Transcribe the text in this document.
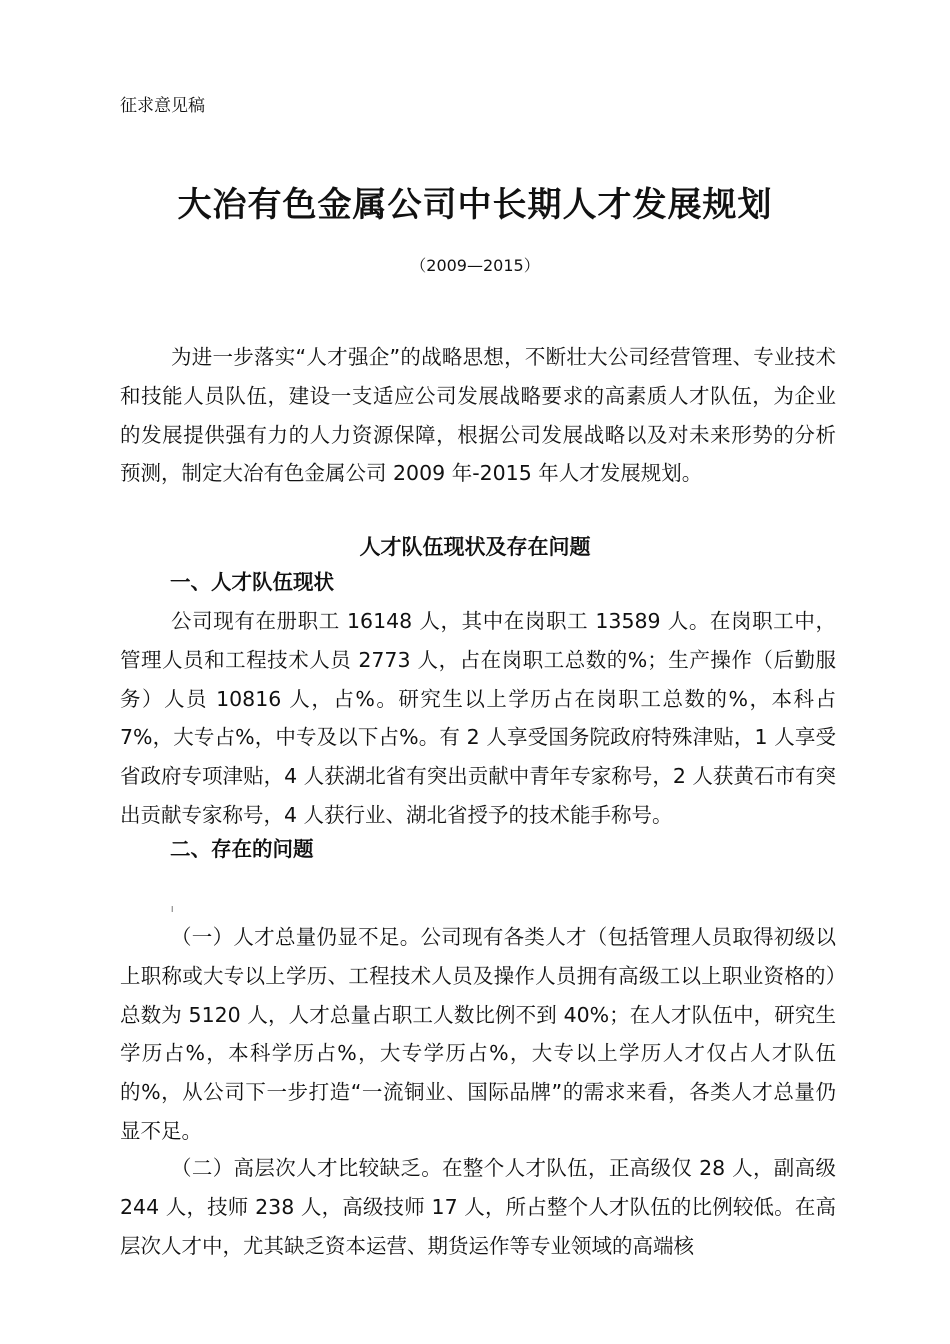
征求意见稿

大冶有色金属公司中长期人才发展规划

（2009—2015）

为进一步落实“人才强企”的战略思想，不断壮大公司经营管理、专业技术和技能人员队伍，建设一支适应公司发展战略要求的高素质人才队伍，为企业的发展提供强有力的人力资源保障，根据公司发展战略以及对未来形势的分析预测，制定大冶有色金属公司 2009 年-2015 年人才发展规划。

人才队伍现状及存在问题
一、人才队伍现状

公司现有在册职工 16148 人，其中在岗职工 13589 人。在岗职工中，管理人员和工程技术人员 2773 人，占在岗职工总数的%；生产操作（后勤服务）人员 10816 人，占%。研究生以上学历占在岗职工总数的%，本科占7%，大专占%，中专及以下占%。有 2 人享受国务院政府特殊津贴，1 人享受省政府专项津贴，4 人获湖北省有突出贡献中青年专家称号，2 人获黄石市有突出贡献专家称号，4 人获行业、湖北省授予的技术能手称号。

二、存在的问题
I

（一）人才总量仍显不足。公司现有各类人才（包括管理人员取得初级以上职称或大专以上学历、工程技术人员及操作人员拥有高级工以上职业资格的）总数为 5120 人，人才总量占职工人数比例不到 40%；在人才队伍中，研究生学历占%，本科学历占%，大专学历占%，大专以上学历人才仅占人才队伍的%，从公司下一步打造“一流铜业、国际品牌”的需求来看，各类人才总量仍显不足。

（二）高层次人才比较缺乏。在整个人才队伍，正高级仅 28 人，副高级 244 人，技师 238 人，高级技师 17 人，所占整个人才队伍的比例较低。在高层次人才中，尤其缺乏资本运营、期货运作等专业领域的高端核
